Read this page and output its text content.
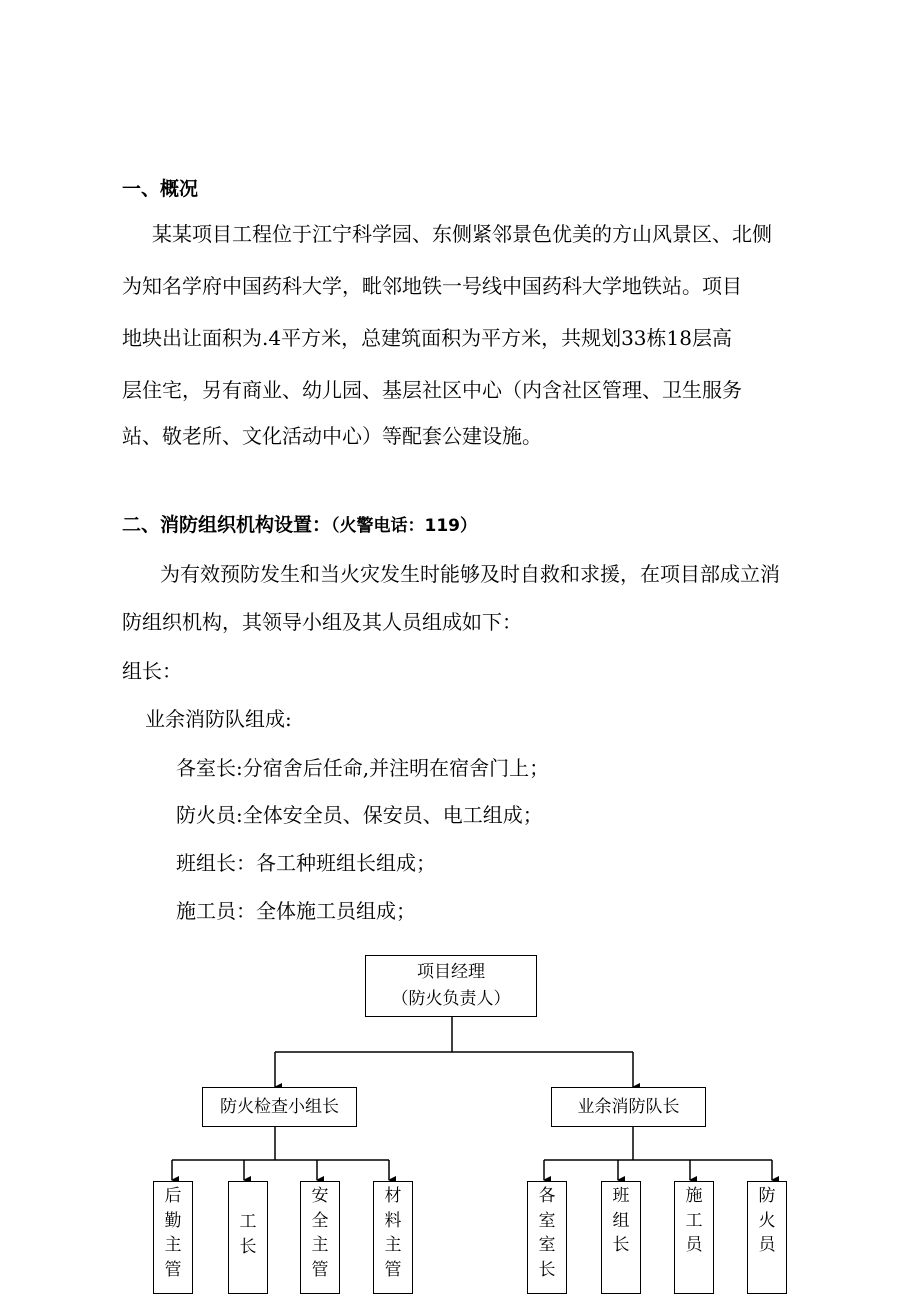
一、概况
某某项目工程位于江宁科学园、东侧紧邻景色优美的方山风景区、北侧
为知名学府中国药科大学，毗邻地铁一号线中国药科大学地铁站。项目
地块出让面积为.4平方米，总建筑面积为平方米，共规划33栋18层高
层住宅，另有商业、幼儿园、基层社区中心（内含社区管理、卫生服务
站、敬老所、文化活动中心）等配套公建设施。
二、消防组织机构设置：（火警电话：119）
为有效预防发生和当火灾发生时能够及时自救和求援，在项目部成立消
防组织机构，其领导小组及其人员组成如下：
组长：
业余消防队组成:
各室长:分宿舍后任命,并注明在宿舍门上；
防火员:全体安全员、保安员、电工组成；
班组长：各工种班组长组成；
施工员：全体施工员组成；
项目经理
（防火负责人）
防火检查小组长	业余消防队长
后勤主管
工长
安全主管
材料主管
各室室长
班组长
施工员
防火员
